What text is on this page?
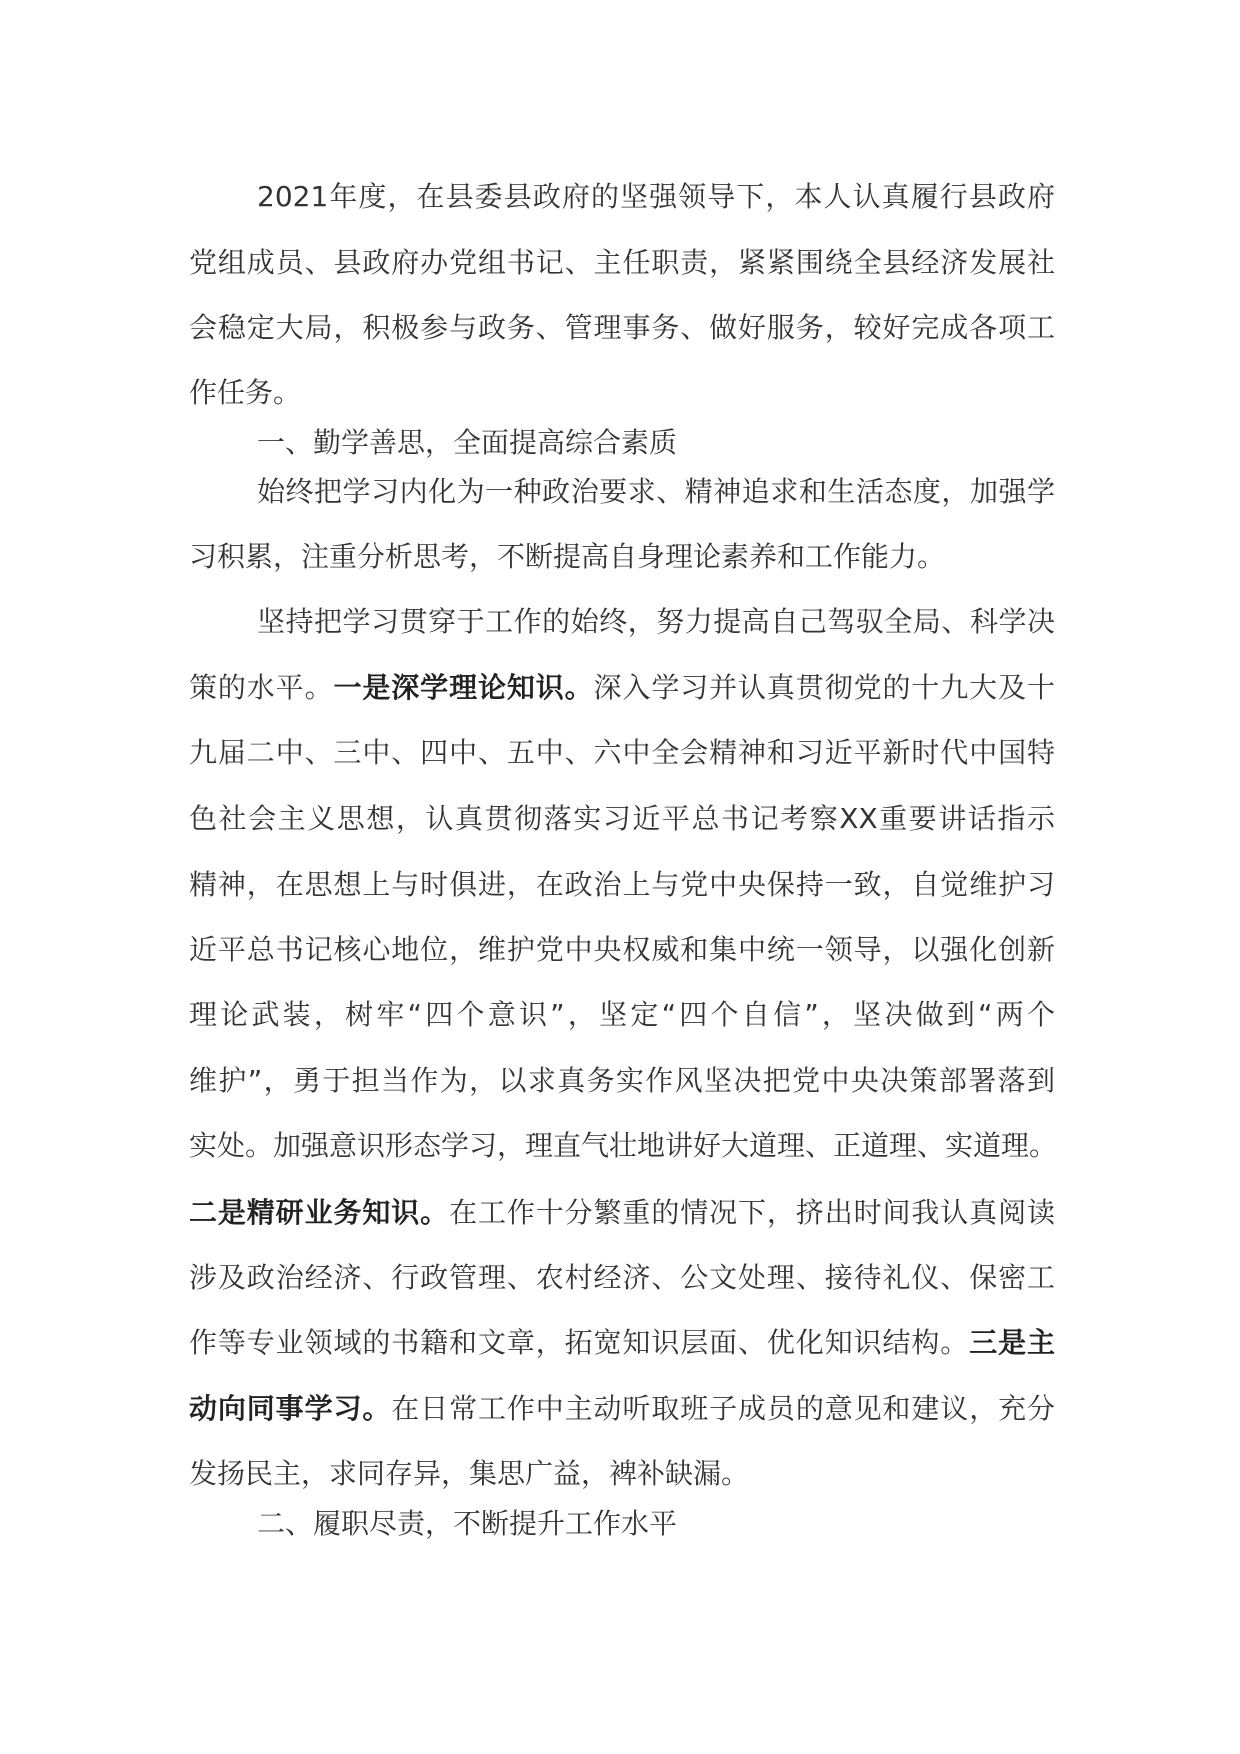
2021年度，在县委县政府的坚强领导下，本人认真履行县政府
党组成员、县政府办党组书记、主任职责，紧紧围绕全县经济发展社
会稳定大局，积极参与政务、管理事务、做好服务，较好完成各项工
作任务。
一、勤学善思，全面提高综合素质
始终把学习内化为一种政治要求、精神追求和生活态度，加强学
习积累，注重分析思考，不断提高自身理论素养和工作能力。
坚持把学习贯穿于工作的始终，努力提高自己驾驭全局、科学决
策的水平。一是深学理论知识。深入学习并认真贯彻党的十九大及十
九届二中、三中、四中、五中、六中全会精神和习近平新时代中国特
色社会主义思想，认真贯彻落实习近平总书记考察XX重要讲话指示
精神，在思想上与时俱进，在政治上与党中央保持一致，自觉维护习
近平总书记核心地位，维护党中央权威和集中统一领导，以强化创新
理论武装，树牢“四个意识”，坚定“四个自信”，坚决做到“两个
维护”，勇于担当作为，以求真务实作风坚决把党中央决策部署落到
实处。加强意识形态学习，理直气壮地讲好大道理、正道理、实道理。
二是精研业务知识。在工作十分繁重的情况下，挤出时间我认真阅读
涉及政治经济、行政管理、农村经济、公文处理、接待礼仪、保密工
作等专业领域的书籍和文章，拓宽知识层面、优化知识结构。三是主
动向同事学习。在日常工作中主动听取班子成员的意见和建议，充分
发扬民主，求同存异，集思广益，裨补缺漏。
二、履职尽责，不断提升工作水平
